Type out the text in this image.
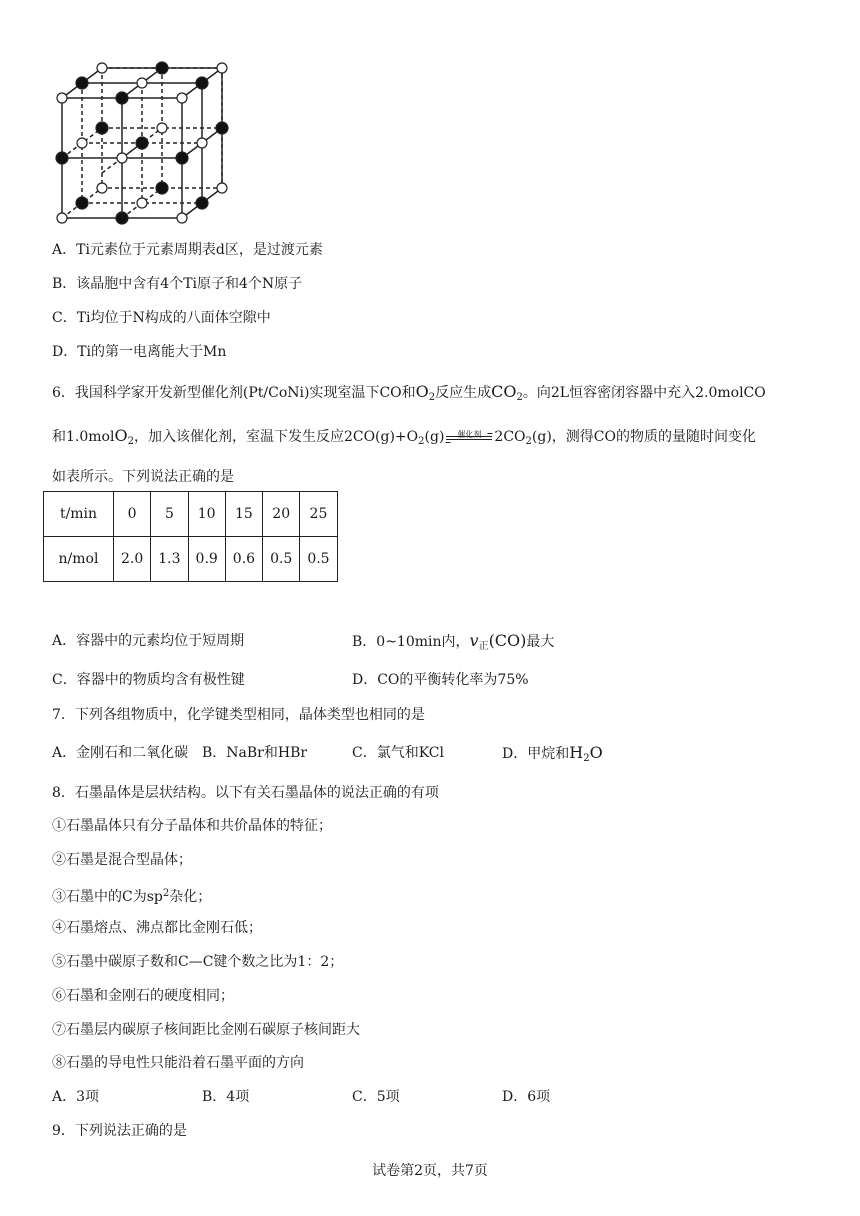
A．Ti元素位于元素周期表d区，是过渡元素
B．该晶胞中含有4个Ti原子和4个N原子
C．Ti均位于N构成的八面体空隙中
D．Ti的第一电离能大于Mn
6．我国科学家开发新型催化剂(Pt/CoNi)实现室温下CO和$O_2$反应生成$CO_2$。向2L恒容密闭容器中充入2.0molCO
和1.0molO$_2$，加入该催化剂，室温下发生反应$2CO(g)+O_2(g)$	催化剂 $2CO_2(g)$，测得CO的物质的量随时间变化
如表所示。下列说法正确的是
t/min	0	5	10	15	20	25
n/mol	2.0	1.3	0.9	0.6	0.5	0.5
A．容器中的元素均位于短周期	B．0~10min内，$v_正(CO)$最大
C．容器中的物质均含有极性键	D．CO的平衡转化率为75%
7．下列各组物质中，化学键类型相同，晶体类型也相同的是
A．金刚石和二氧化碳 B．NaBr和HBr	C．氯气和KCl	D．甲烷和$H_2O$
8．石墨晶体是层状结构。以下有关石墨晶体的说法正确的有项
①石墨晶体只有分子晶体和共价晶体的特征；
②石墨是混合型晶体；
③石墨中的C为$sp^2$杂化；
④石墨熔点、沸点都比金刚石低；
⑤石墨中碳原子数和C—C键个数之比为1：2；
⑥石墨和金刚石的硬度相同；
⑦石墨层内碳原子核间距比金刚石碳原子核间距大
⑧石墨的导电性只能沿着石墨平面的方向
A．3项	B．4项	C．5项	D．6项
9．下列说法正确的是
试卷第2页，共7页
